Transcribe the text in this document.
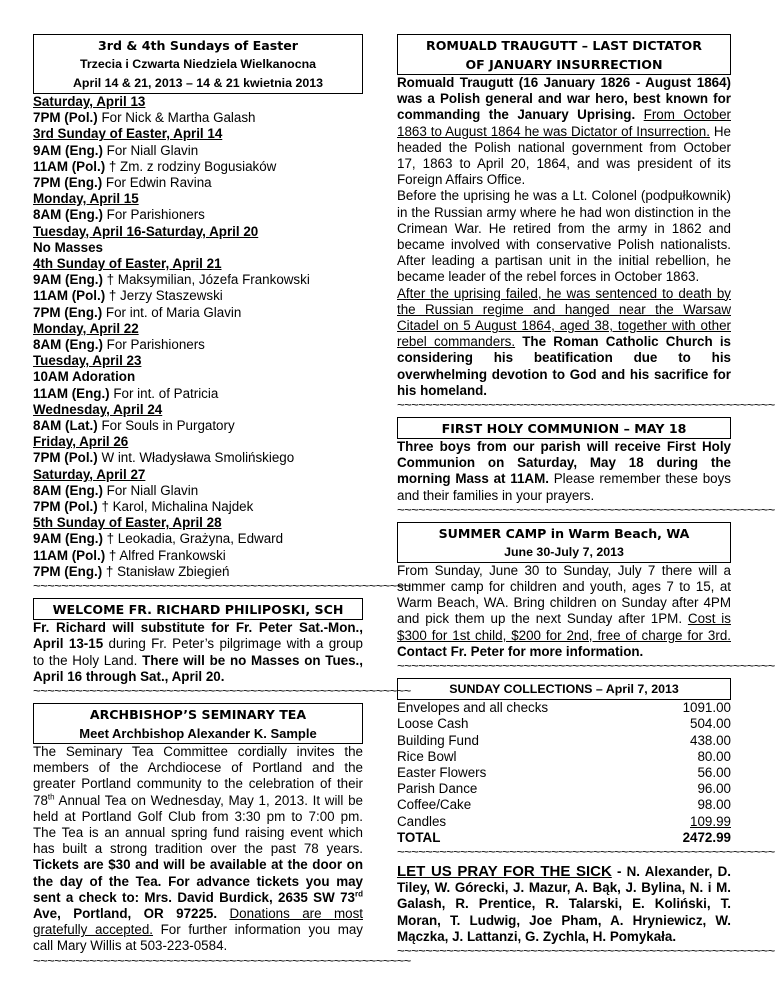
3rd & 4th Sundays of Easter
Trzecia i Czwarta Niedziela Wielkanocna
April 14 & 21, 2013 – 14 & 21 kwietnia 2013
Saturday, April 13
7PM (Pol.) For Nick & Martha Galash
3rd Sunday of Easter, April 14
9AM (Eng.) For Niall Glavin
11AM (Pol.) † Zm. z rodziny Bogusiaków
7PM (Eng.) For Edwin Ravina
Monday, April 15
8AM (Eng.) For Parishioners
Tuesday, April 16-Saturday, April 20
No Masses
4th Sunday of Easter, April 21
9AM (Eng.) † Maksymilian, Józefa Frankowski
11AM (Pol.) † Jerzy Staszewski
7PM (Eng.) For int. of Maria Glavin
Monday, April 22
8AM (Eng.) For Parishioners
Tuesday, April 23
10AM Adoration
11AM (Eng.) For int. of Patricia
Wednesday, April 24
8AM (Lat.) For Souls in Purgatory
Friday, April 26
7PM (Pol.) W int. Władysława Smolińskiego
Saturday, April 27
8AM (Eng.) For Niall Glavin
7PM (Pol.) † Karol, Michalina Najdek
5th Sunday of Easter, April 28
9AM (Eng.) † Leokadia, Grażyna, Edward
11AM (Pol.) † Alfred Frankowski
7PM (Eng.) † Stanisław Zbiegień
~~~~~~~~~~~~~~~~~~~~~~~~~~~~~~~~~~~~~~~~~~~~~~~~~~~~~~
WELCOME FR. RICHARD PHILIPOSKI, SCH
Fr. Richard will substitute for Fr. Peter Sat.-Mon., April 13-15 during Fr. Peter’s pilgrimage with a group to the Holy Land. There will be no Masses on Tues., April 16 through Sat., April 20.
~~~~~~~~~~~~~~~~~~~~~~~~~~~~~~~~~~~~~~~~~~~~~~~~~~~~~~
ARCHBISHOP’S SEMINARY TEA
Meet Archbishop Alexander K. Sample
The Seminary Tea Committee cordially invites the members of the Archdiocese of Portland and the greater Portland community to the celebration of their 78th Annual Tea on Wednesday, May 1, 2013. It will be held at Portland Golf Club from 3:30 pm to 7:00 pm. The Tea is an annual spring fund raising event which has built a strong tradition over the past 78 years. Tickets are $30 and will be available at the door on the day of the Tea. For advance tickets you may sent a check to: Mrs. David Burdick, 2635 SW 73rd Ave, Portland, OR 97225. Donations are most gratefully accepted. For further information you may call Mary Willis at 503-223-0584.
~~~~~~~~~~~~~~~~~~~~~~~~~~~~~~~~~~~~~~~~~~~~~~~~~~~~~~
ROMUALD TRAUGUTT – LAST DICTATOR
OF JANUARY INSURRECTION
Romuald Traugutt (16 January 1826 - August 1864) was a Polish general and war hero, best known for commanding the January Uprising. From October 1863 to August 1864 he was Dictator of Insurrection. He headed the Polish national government from October 17, 1863 to April 20, 1864, and was president of its Foreign Affairs Office.
Before the uprising he was a Lt. Colonel (podpułkownik) in the Russian army where he had won distinction in the Crimean War. He retired from the army in 1862 and became involved with conservative Polish nationalists. After leading a partisan unit in the initial rebellion, he became leader of the rebel forces in October 1863.
After the uprising failed, he was sentenced to death by the Russian regime and hanged near the Warsaw Citadel on 5 August 1864, aged 38, together with other rebel commanders. The Roman Catholic Church is considering his beatification due to his overwhelming devotion to God and his sacrifice for his homeland.
~~~~~~~~~~~~~~~~~~~~~~~~~~~~~~~~~~~~~~~~~~~~~~~~~~~~~~
FIRST HOLY COMMUNION – MAY 18
Three boys from our parish will receive First Holy Communion on Saturday, May 18 during the morning Mass at 11AM. Please remember these boys and their families in your prayers.
~~~~~~~~~~~~~~~~~~~~~~~~~~~~~~~~~~~~~~~~~~~~~~~~~~~~~~
SUMMER CAMP in Warm Beach, WA
June 30-July 7, 2013
From Sunday, June 30 to Sunday, July 7 there will a summer camp for children and youth, ages 7 to 15, at Warm Beach, WA. Bring children on Sunday after 4PM and pick them up the next Sunday after 1PM. Cost is $300 for 1st child, $200 for 2nd, free of charge for 3rd. Contact Fr. Peter for more information.
~~~~~~~~~~~~~~~~~~~~~~~~~~~~~~~~~~~~~~~~~~~~~~~~~~~~~~
SUNDAY COLLECTIONS – April 7, 2013
Envelopes and all checks	1091.00
Loose Cash	504.00
Building Fund	438.00
Rice Bowl	80.00
Easter Flowers	56.00
Parish Dance	96.00
Coffee/Cake	98.00
Candles	109.99
TOTAL	2472.99
~~~~~~~~~~~~~~~~~~~~~~~~~~~~~~~~~~~~~~~~~~~~~~~~~~~~~~
LET US PRAY FOR THE SICK - N. Alexander, D. Tiley, W. Górecki, J. Mazur, A. Bąk, J. Bylina, N. i M. Galash, R. Prentice, R. Talarski, E. Koliński, T. Moran, T. Ludwig, Joe Pham, A. Hryniewicz, W. Mączka, J. Lattanzi, G. Zychla, H. Pomykała.
~~~~~~~~~~~~~~~~~~~~~~~~~~~~~~~~~~~~~~~~~~~~~~~~~~~~~~
